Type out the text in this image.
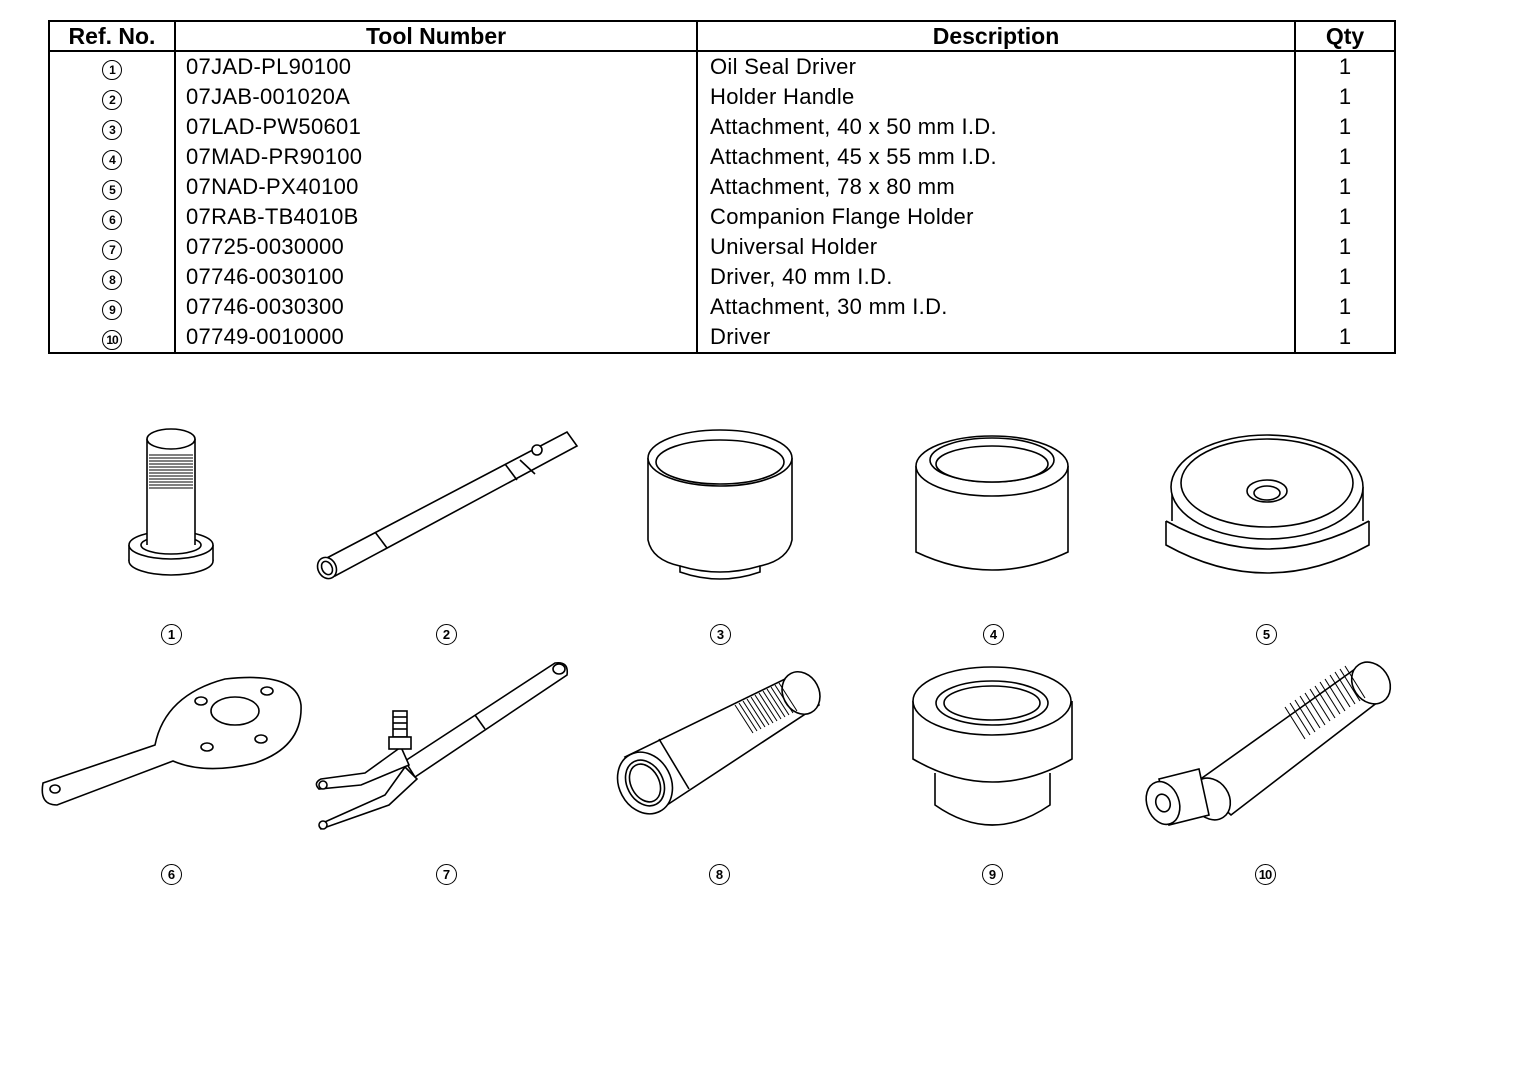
Ref. No.	Tool Number	Description	Qty
1	07JAD-PL90100	Oil Seal Driver	1
2	07JAB-001020A	Holder Handle	1
3	07LAD-PW50601	Attachment, 40 x 50 mm I.D.	1
4	07MAD-PR90100	Attachment, 45 x 55 mm I.D.	1
5	07NAD-PX40100	Attachment, 78 x 80 mm	1
6	07RAB-TB4010B	Companion Flange Holder	1
7	07725-0030000	Universal Holder	1
8	07746-0030100	Driver, 40 mm I.D.	1
9	07746-0030300	Attachment, 30 mm I.D.	1
10	07749-0010000	Driver	1
1	2	3	4	5
6	7	8	9	10
